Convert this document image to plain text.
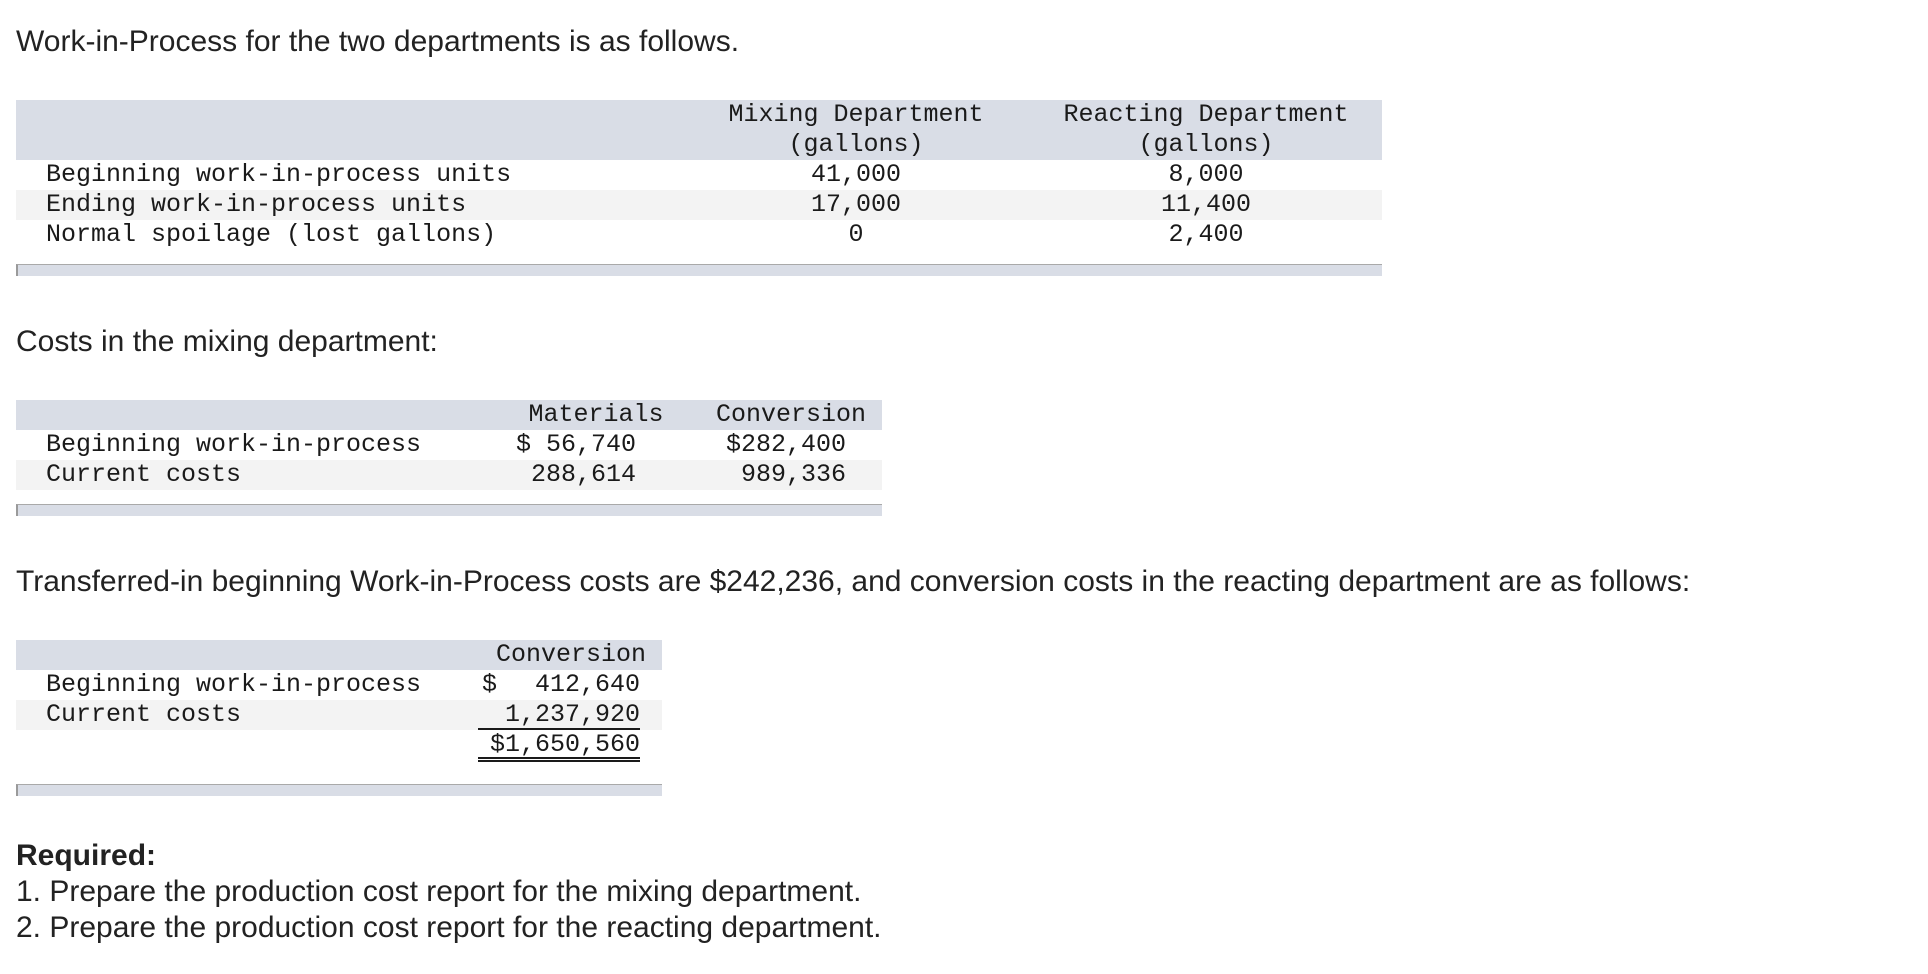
Work-in-Process for the two departments is as follows.

Mixing Department
(gallons)
Reacting Department
(gallons)
Beginning work-in-process units	41,000	8,000
Ending work-in-process units	17,000	11,400
Normal spoilage (lost gallons)	0	2,400

Costs in the mixing department:

Materials	Conversion
Beginning work-in-process	$ 56,740	$282,400
Current costs	288,614	989,336

Transferred-in beginning Work-in-Process costs are $242,236, and conversion costs in the reacting department are as follows:

Conversion
Beginning work-in-process $	412,640
Current costs	1,237,920
$1,650,560

Required:

1. Prepare the production cost report for the mixing department.

2. Prepare the production cost report for the reacting department.
